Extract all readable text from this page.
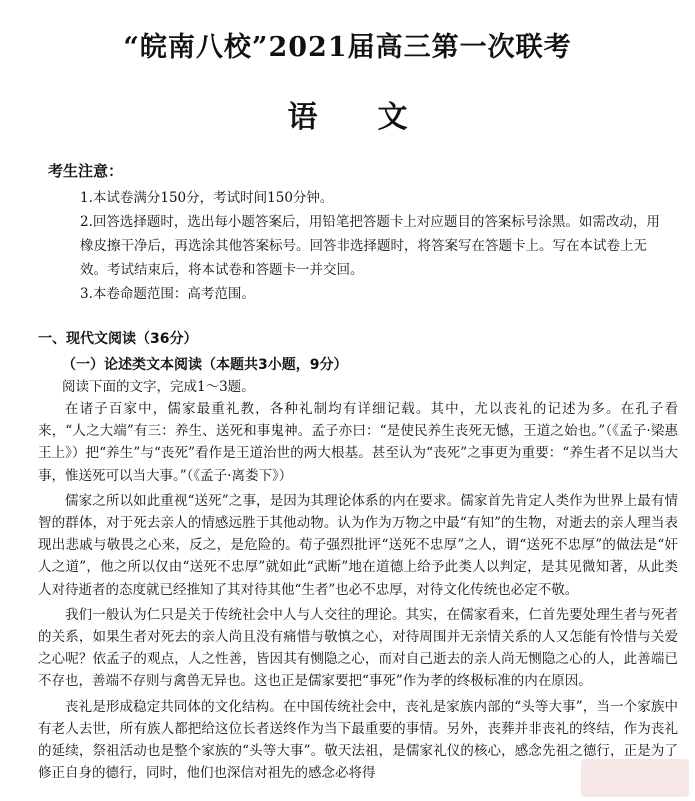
“皖南八校”2021届高三第一次联考
语文
考生注意：

1.本试卷满分150分，考试时间150分钟。

2.回答选择题时，选出每小题答案后，用铅笔把答题卡上对应题目的答案标号涂黑。如需改动，用橡皮擦干净后，再选涂其他答案标号。回答非选择题时，将答案写在答题卡上。写在本试卷上无效。考试结束后，将本试卷和答题卡一并交回。

3.本卷命题范围：高考范围。

一、现代文阅读（36分）
（一）论述类文本阅读（本题共3小题，9分）
阅读下面的文字，完成1～3题。

在诸子百家中，儒家最重礼教，各种礼制均有详细记载。其中，尤以丧礼的记述为多。在孔子看来，“人之大端”有三：养生、送死和事鬼神。孟子亦曰：“是使民养生丧死无憾，王道之始也。”（《孟子·梁惠王上》）把“养生”与“丧死”看作是王道治世的两大根基。甚至认为“丧死”之事更为重要：“养生者不足以当大事，惟送死可以当大事。”（《孟子·离娄下》）

儒家之所以如此重视“送死”之事，是因为其理论体系的内在要求。儒家首先肯定人类作为世界上最有情智的群体，对于死去亲人的情感远胜于其他动物。认为作为万物之中最“有知”的生物，对逝去的亲人理当表现出悲戚与敬畏之心来，反之，是危险的。荀子强烈批评“送死不忠厚”之人，谓“送死不忠厚”的做法是“奸人之道”，他之所以仅由“送死不忠厚”就如此“武断”地在道德上给予此类人以判定，是其见微知著，从此类人对待逝者的态度就已经推知了其对待其他“生者”也必不忠厚，对待文化传统也必定不敬。

我们一般认为仁只是关于传统社会中人与人交往的理论。其实，在儒家看来，仁首先要处理生者与死者的关系，如果生者对死去的亲人尚且没有痛惜与敬慎之心，对待周围并无亲情关系的人又怎能有怜惜与关爱之心呢？依孟子的观点，人之性善，皆因其有恻隐之心，而对自己逝去的亲人尚无恻隐之心的人，此善端已不存也，善端不存则与禽兽无异也。这也正是儒家要把“事死”作为孝的终极标准的内在原因。

丧礼是形成稳定共同体的文化结构。在中国传统社会中，丧礼是家族内部的“头等大事”，当一个家族中有老人去世，所有族人都把给这位长者送终作为当下最重要的事情。另外，丧葬并非丧礼的终结，作为丧礼的延续，祭祖活动也是整个家族的“头等大事”。敬天法祖，是儒家礼仪的核心，感念先祖之德行，正是为了修正自身的德行，同时，他们也深信对祖先的感念必将得
